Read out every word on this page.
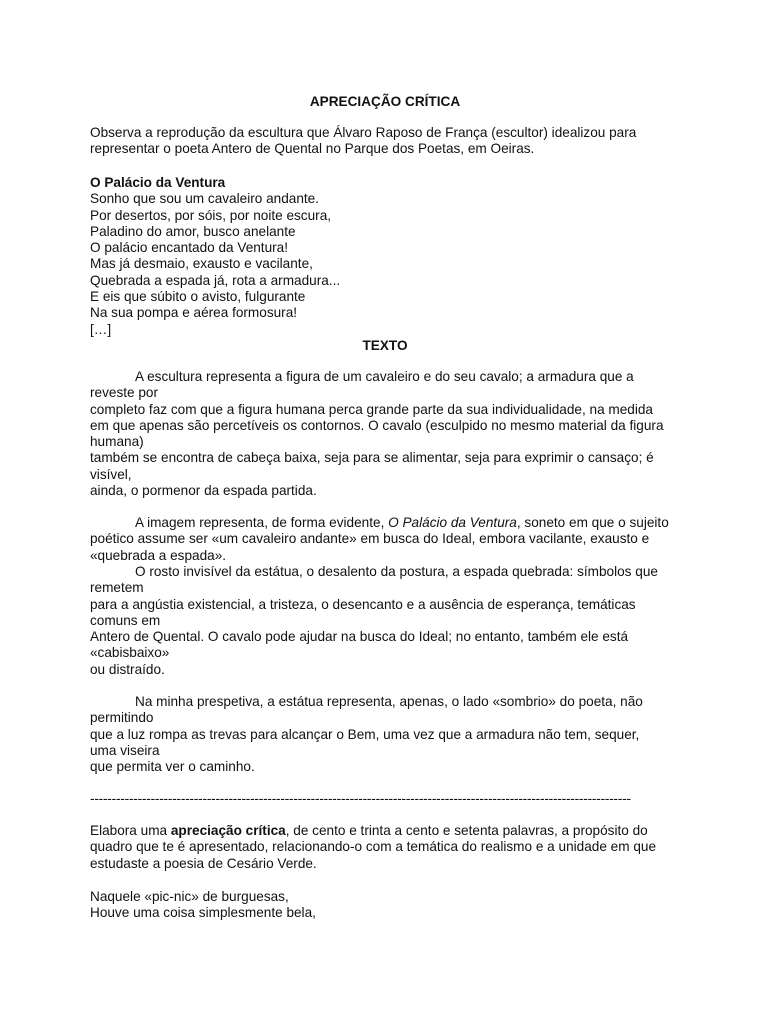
APRECIAÇÃO CRÍTICA
Observa a reprodução da escultura que Álvaro Raposo de França (escultor) idealizou para
representar o poeta Antero de Quental no Parque dos Poetas, em Oeiras.
O Palácio da Ventura
Sonho que sou um cavaleiro andante.
Por desertos, por sóis, por noite escura,
Paladino do amor, busco anelante
O palácio encantado da Ventura!
Mas já desmaio, exausto e vacilante,
Quebrada a espada já, rota a armadura...
E eis que súbito o avisto, fulgurante
Na sua pompa e aérea formosura!
[…]
TEXTO
A escultura representa a figura de um cavaleiro e do seu cavalo; a armadura que a
reveste por
completo faz com que a figura humana perca grande parte da sua individualidade, na medida
em que apenas são percetíveis os contornos. O cavalo (esculpido no mesmo material da figura
humana)
também se encontra de cabeça baixa, seja para se alimentar, seja para exprimir o cansaço; é
visível,
ainda, o pormenor da espada partida.
A imagem representa, de forma evidente, O Palácio da Ventura, soneto em que o sujeito
poético assume ser «um cavaleiro andante» em busca do Ideal, embora vacilante, exausto e
«quebrada a espada».
O rosto invisível da estátua, o desalento da postura, a espada quebrada: símbolos que
remetem
para a angústia existencial, a tristeza, o desencanto e a ausência de esperança, temáticas
comuns em
Antero de Quental. O cavalo pode ajudar na busca do Ideal; no entanto, também ele está
«cabisbaixo»
ou distraído.
Na minha prespetiva, a estátua representa, apenas, o lado «sombrio» do poeta, não
permitindo
que a luz rompa as trevas para alcançar o Bem, uma vez que a armadura não tem, sequer,
uma viseira
que permita ver o caminho.
-----------------------------------------------------------------------------------------------------------------------------
Elabora uma apreciação crítica, de cento e trinta a cento e setenta palavras, a propósito do
quadro que te é apresentado, relacionando-o com a temática do realismo e a unidade em que
estudaste a poesia de Cesário Verde.
Naquele «pic-nic» de burguesas,
Houve uma coisa simplesmente bela,
